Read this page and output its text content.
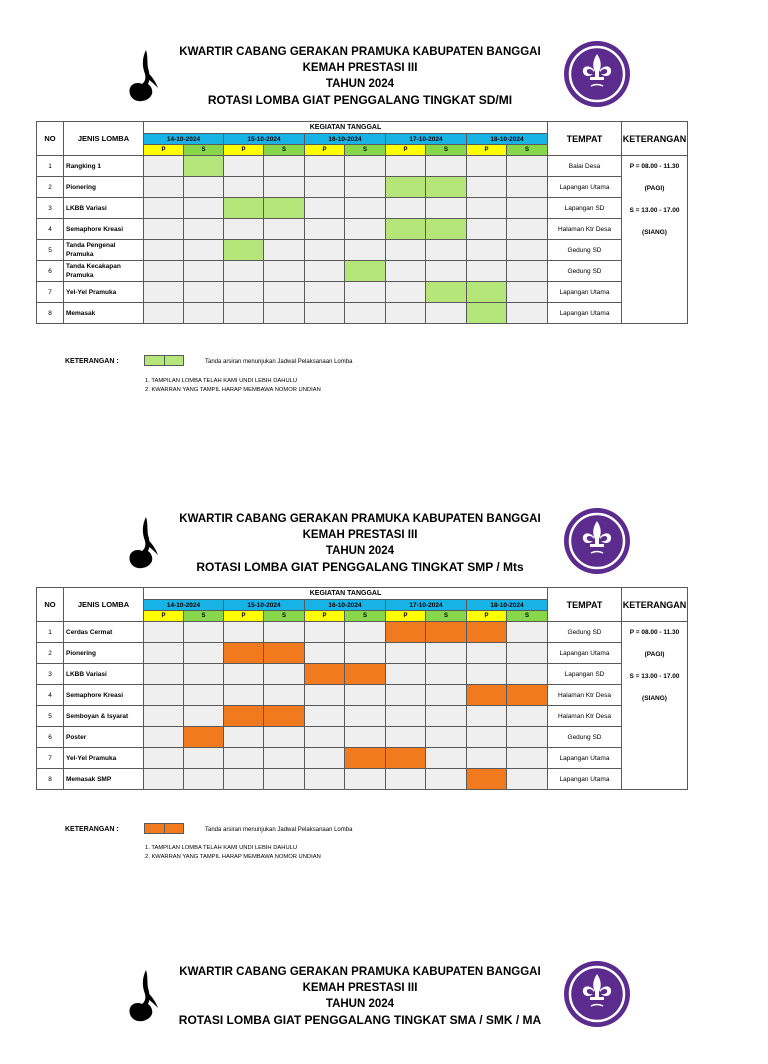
KWARTIR CABANG GERAKAN PRAMUKA KABUPATEN BANGGAI
KEMAH PRESTASI III
TAHUN 2024
ROTASI LOMBA GIAT PENGGALANG TINGKAT SD/MI
NO	JENIS LOMBA	KEGIATAN TANGGAL										TEMPAT	KETERANGAN
		14-10-2024		15-10-2024		16-10-2024		17-10-2024		18-10-2024			
		P	S	P	S	P	S	P	S	P	S		
1	Rangking 1											Balai Desa	P = 08.00 - 11.30
(PAGI)
S = 13.00 - 17.00
(SIANG)

2	Pionering											Lapangan Utama	
3	LKBB Variasi											Lapangan SD	
4	Semaphore Kreasi											Halaman Ktr Desa	
5	Tanda Pengenal Pramuka											Gedung SD	
6	Tanda Kecakapan Pramuka											Gedung SD	
7	Yel-Yel Pramuka											Lapangan Utama	
8	Memasak											Lapangan Utama	
KETERANGAN :	Tanda arsiran menunjukan Jadwal Pelaksanaan Lomba
1. TAMPILAN LOMBA TELAH KAMI UNDI LEBIH DAHULU
2. KWARRAN YANG TAMPIL HARAP MEMBAWA NOMOR UNDIAN
KWARTIR CABANG GERAKAN PRAMUKA KABUPATEN BANGGAI
KEMAH PRESTASI III
TAHUN 2024
ROTASI LOMBA GIAT PENGGALANG TINGKAT SMP / Mts
NO	JENIS LOMBA	KEGIATAN TANGGAL										TEMPAT	KETERANGAN
		14-10-2024		15-10-2024		16-10-2024		17-10-2024		18-10-2024			
		P	S	P	S	P	S	P	S	P	S		
1	Cerdas Cermat											Gedung SD	P = 08.00 - 11.30
(PAGI)
S = 13.00 - 17.00
(SIANG)

2	Pionering											Lapangan Utama	
3	LKBB Variasi											Lapangan SD	
4	Semaphore Kreasi											Halaman Ktr Desa	
5	Semboyan & Isyarat											Halaman Ktr Desa	
6	Poster											Gedung SD	
7	Yel-Yel Pramuka											Lapangan Utama	
8	Memasak SMP											Lapangan Utama	
KETERANGAN :	Tanda arsiran menunjukan Jadwal Pelaksanaan Lomba
1. TAMPILAN LOMBA TELAH KAMI UNDI LEBIH DAHULU
2. KWARRAN YANG TAMPIL HARAP MEMBAWA NOMOR UNDIAN
KWARTIR CABANG GERAKAN PRAMUKA KABUPATEN BANGGAI
KEMAH PRESTASI III
TAHUN 2024
ROTASI LOMBA GIAT PENGGALANG TINGKAT SMA / SMK / MA
